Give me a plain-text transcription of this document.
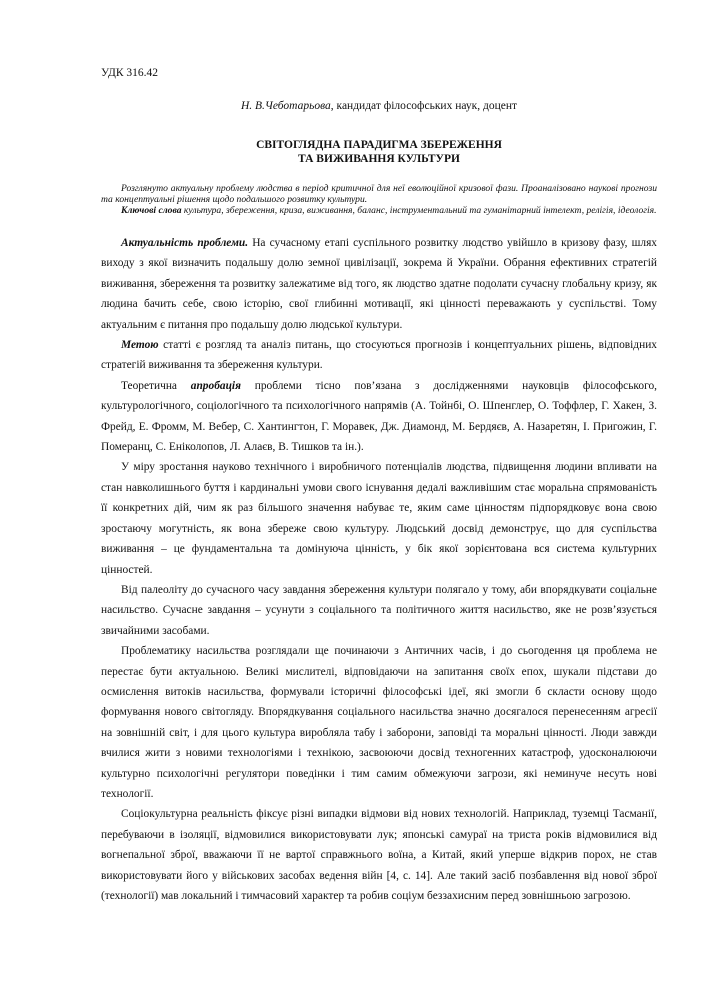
УДК 316.42
Н. В.Чеботарьова, кандидат філософських наук, доцент
СВІТОГЛЯДНА ПАРАДИГМА ЗБЕРЕЖЕННЯ
ТА ВИЖИВАННЯ КУЛЬТУРИ

Розглянуто актуальну проблему людства в період критичної для неї еволюційної кризової фази. Проаналізовано наукові прогнози та концептуальні рішення щодо подальшого розвитку культури.

Ключові слова культура, збереження, криза, виживання, баланс, інструментальний та гуманітарний інтелект, релігія, ідеологія.

Актуальність проблеми. На сучасному етапі суспільного розвитку людство увійшло в кризову фазу, шлях виходу з якої визначить подальшу долю земної цивілізації, зокрема й України. Обрання ефективних стратегій виживання, збереження та розвитку залежатиме від того, як людство здатне подолати сучасну глобальну кризу, як людина бачить себе, свою історію, свої глибинні мотивації, які цінності переважають у суспільстві. Тому актуальним є питання про подальшу долю людської культури.

Метою статті є розгляд та аналіз питань, що стосуються прогнозів і концептуальних рішень, відповідних стратегій виживання та збереження культури.

Теоретична апробація проблеми тісно пов’язана з дослідженнями науковців філософського, культурологічного, соціологічного та психологічного напрямів (А. Тойнбі, О. Шпенглер, О. Тоффлер, Г. Хакен, З. Фрейд, Е. Фромм, М. Вебер, С. Хантингтон, Г. Моравек, Дж. Диамонд, М. Бердяєв, А. Назаретян, І. Пригожин, Г. Померанц, С. Еніколопов, Л. Алаєв, В. Тишков та ін.).

У міру зростання науково технічного і виробничого потенціалів людства, підвищення людини впливати на стан навколишнього буття і кардинальні умови свого існування дедалі важливішим стає моральна спрямованість її конкретних дій, чим як раз більшого значення набуває те, яким саме цінностям підпорядковує вона свою зростаючу могутність, як вона збереже свою культуру. Людський досвід демонструє, що для суспільства виживання – це фундаментальна та домінуюча цінність, у бік якої зорієнтована вся система культурних цінностей.

Від палеоліту до сучасного часу завдання збереження культури полягало у тому, аби впорядкувати соціальне насильство. Сучасне завдання – усунути з соціального та політичного життя насильство, яке не розв’язується звичайними засобами.

Проблематику насильства розглядали ще починаючи з Античних часів, і до сьогодення ця проблема не перестає бути актуальною. Великі мислителі, відповідаючи на запитання своїх епох, шукали підстави до осмислення витоків насильства, формували історичні філософські ідеї, які змогли б скласти основу щодо формування нового світогляду. Впорядкування соціального насильства значно досягалося перенесенням агресії на зовнішній світ, і для цього культура виробляла табу і заборони, заповіді та моральні цінності. Люди завжди вчилися жити з новими технологіями і технікою, засвоюючи досвід техногенних катастроф, удосконалюючи культурно психологічні регулятори поведінки і тим самим обмежуючи загрози, які неминуче несуть нові технології.

Соціокультурна реальність фіксує різні випадки відмови від нових технологій. Наприклад, туземці Тасманії, перебуваючи в ізоляції, відмовилися використовувати лук; японські самураї на триста років відмовилися від вогнепальної зброї, вважаючи її не вартої справжнього воїна, а Китай, який уперше відкрив порох, не став використовувати його у військових засобах ведення війн [4, с. 14]. Але такий засіб позбавлення від нової зброї (технології) мав локальний і тимчасовий характер та робив соціум беззахисним перед зовнішньою загрозою.
